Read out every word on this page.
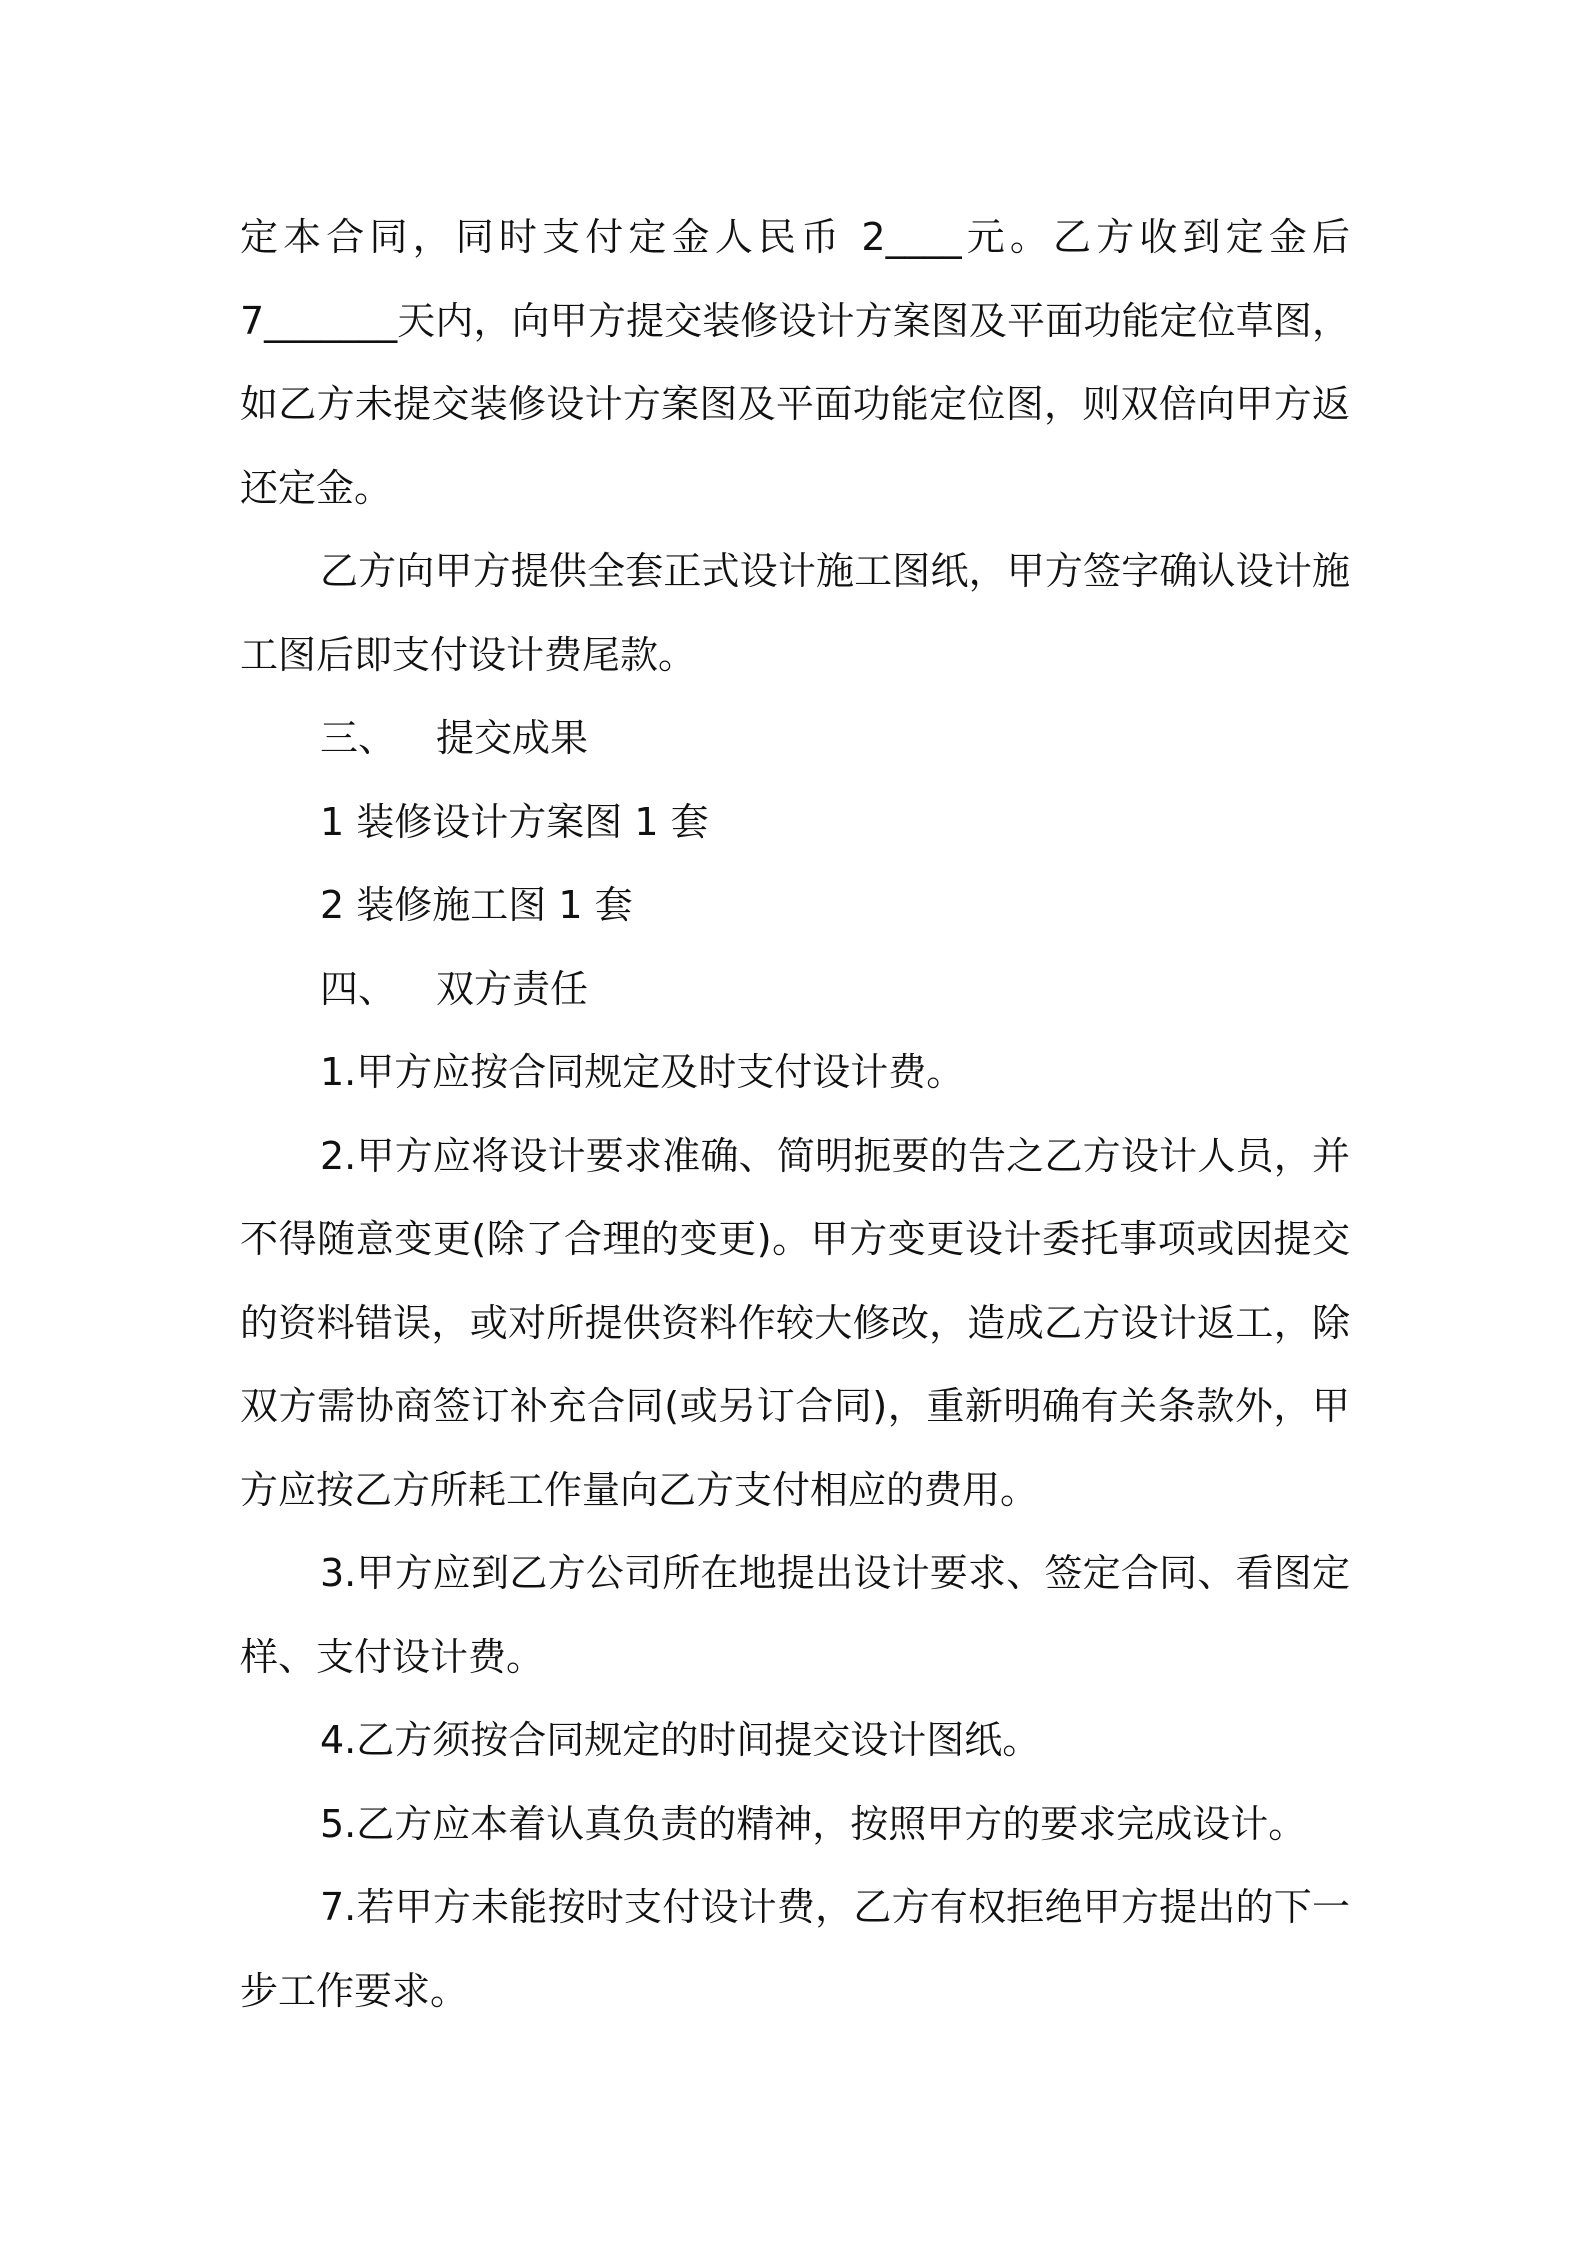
定本合同，同时支付定金人民币 2____元。乙方收到定金后7_______天内，向甲方提交装修设计方案图及平面功能定位草图，如乙方未提交装修设计方案图及平面功能定位图，则双倍向甲方返还定金。

乙方向甲方提供全套正式设计施工图纸，甲方签字确认设计施工图后即支付设计费尾款。

三、 提交成果

1 装修设计方案图 1 套

2 装修施工图 1 套

四、 双方责任

1.甲方应按合同规定及时支付设计费。

2.甲方应将设计要求准确、简明扼要的告之乙方设计人员，并不得随意变更(除了合理的变更)。甲方变更设计委托事项或因提交的资料错误，或对所提供资料作较大修改，造成乙方设计返工，除双方需协商签订补充合同(或另订合同)，重新明确有关条款外，甲方应按乙方所耗工作量向乙方支付相应的费用。

3.甲方应到乙方公司所在地提出设计要求、签定合同、看图定样、支付设计费。

4.乙方须按合同规定的时间提交设计图纸。

5.乙方应本着认真负责的精神，按照甲方的要求完成设计。

7.若甲方未能按时支付设计费，乙方有权拒绝甲方提出的下一步工作要求。
